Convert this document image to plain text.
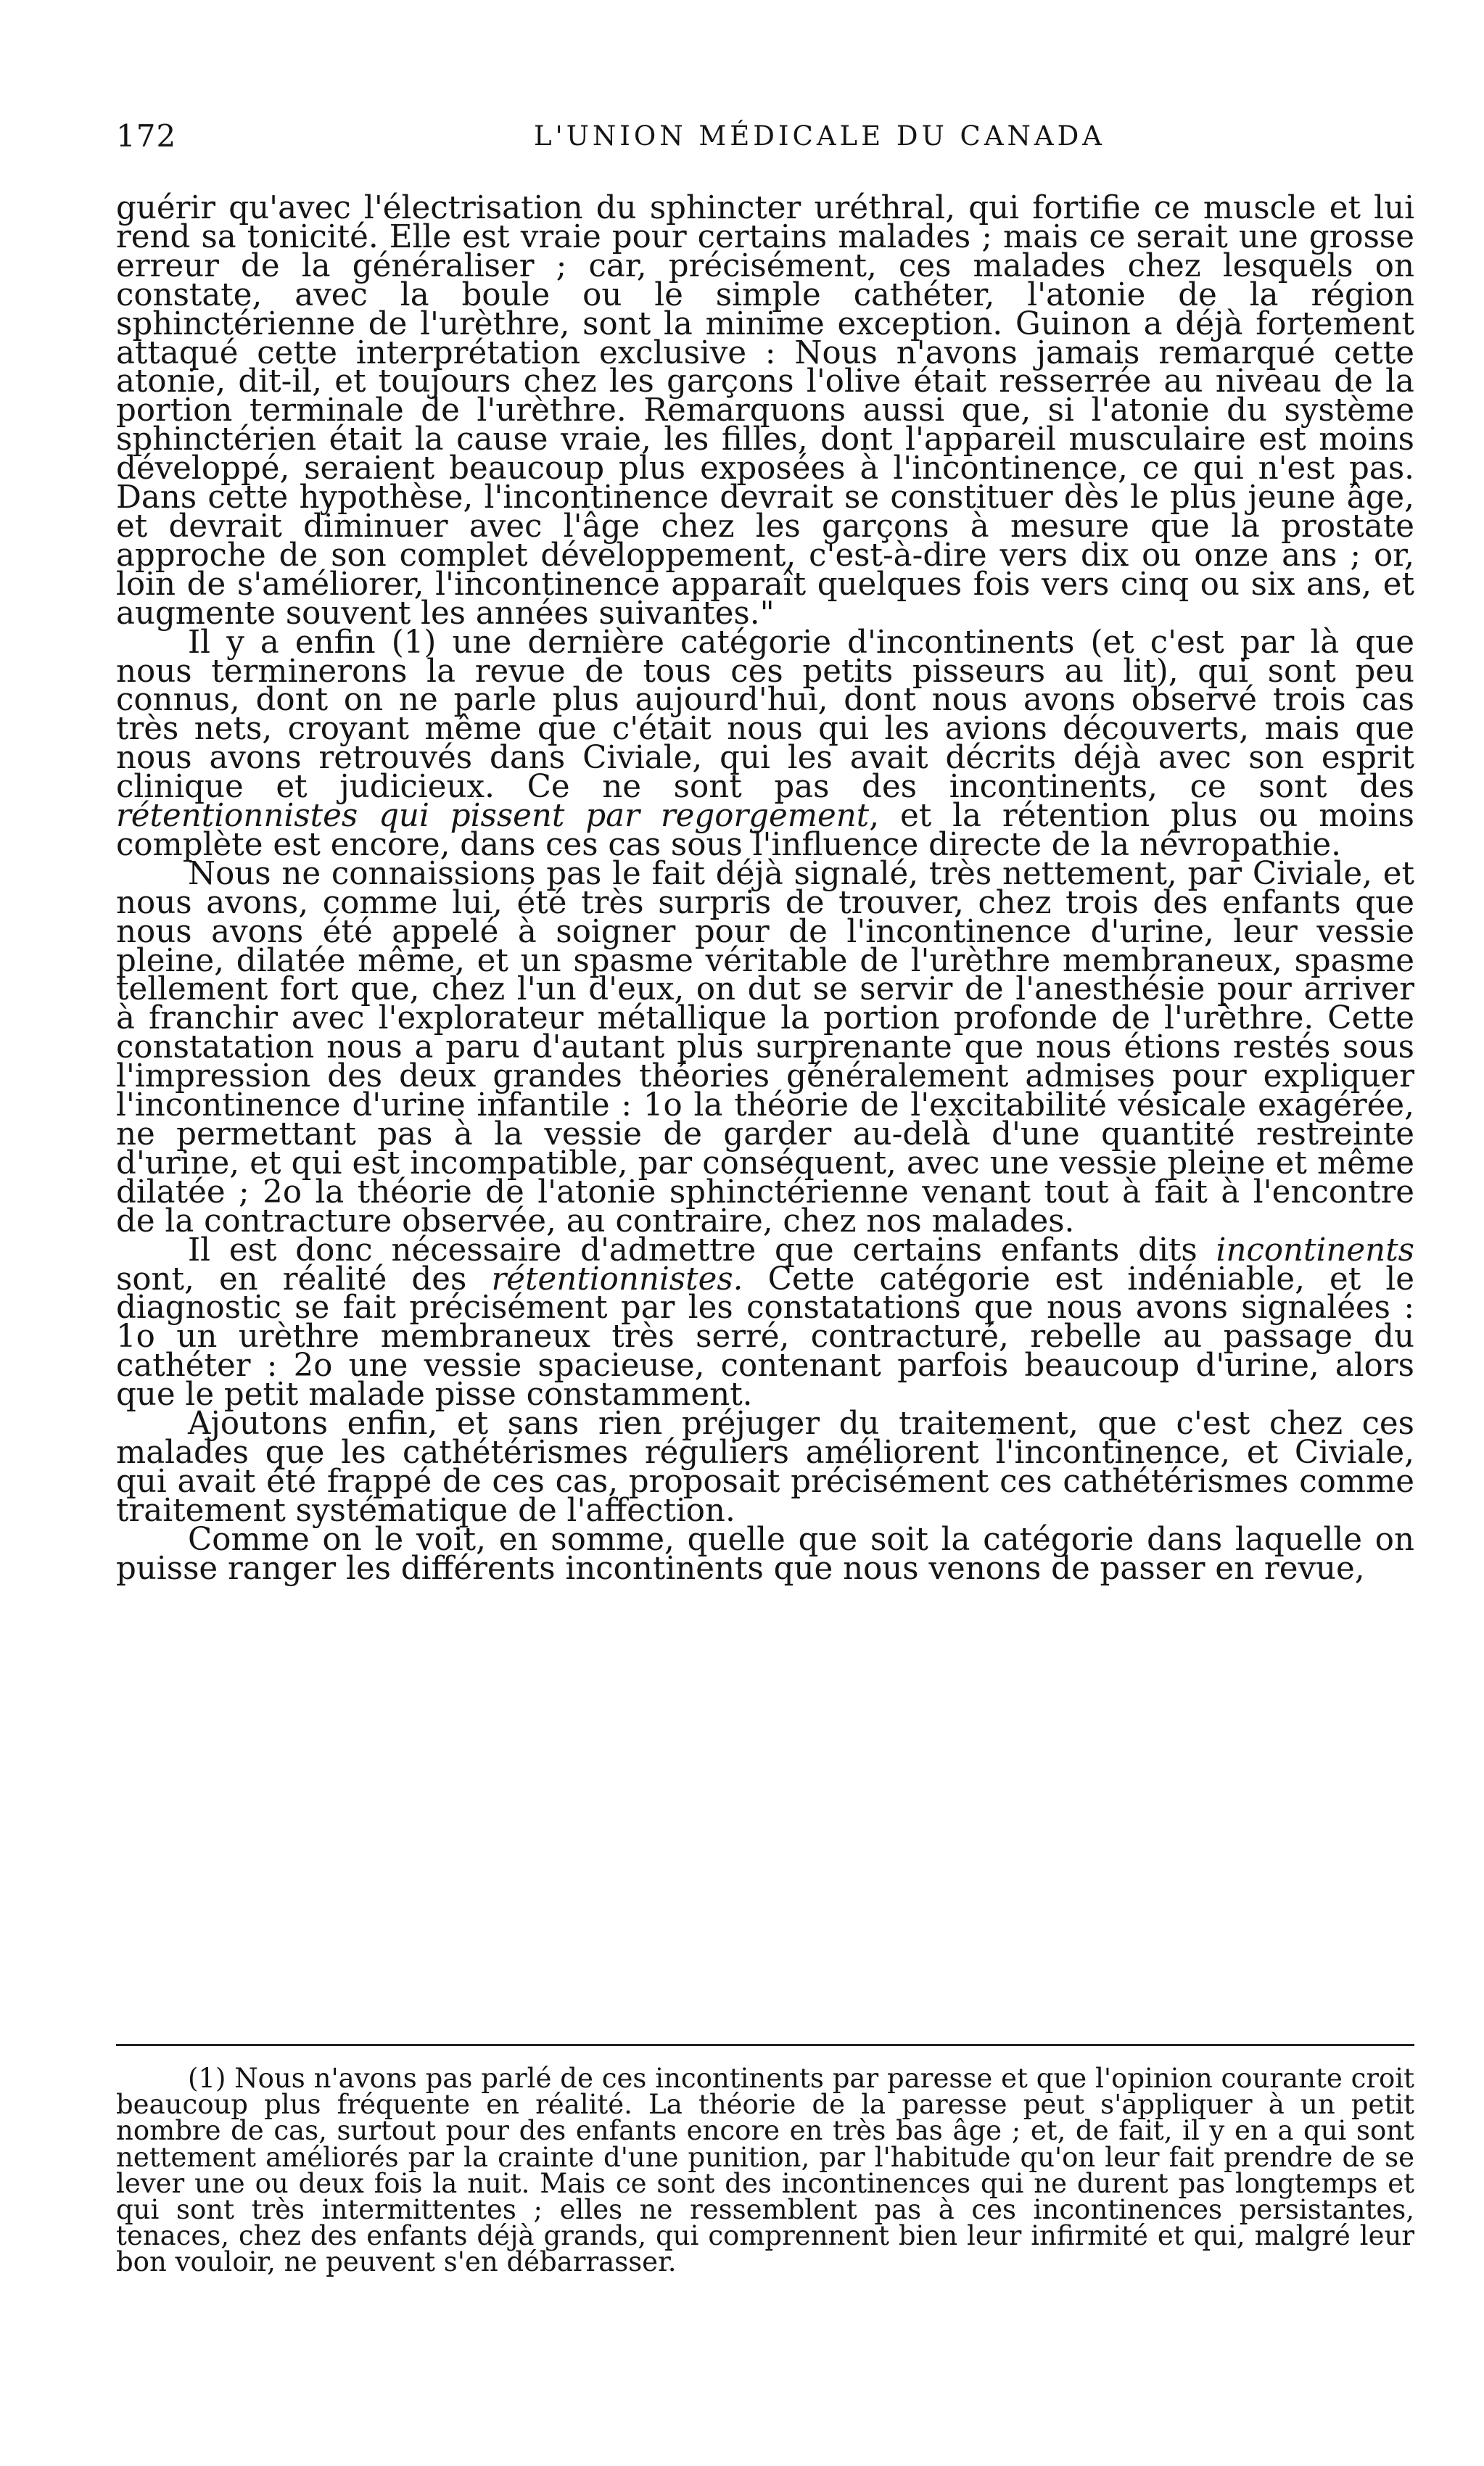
172	L'UNION MÉDICALE DU CANADA

guérir qu'avec l'électrisation du sphincter uréthral, qui fortifie ce muscle et lui rend sa tonicité. Elle est vraie pour certains malades ; mais ce serait une grosse erreur de la généraliser ; car, précisément, ces malades chez lesquels on constate, avec la boule ou le simple cathéter, l'atonie de la région sphinctérienne de l'urèthre, sont la minime exception. Guinon a déjà fortement attaqué cette interprétation exclusive : Nous n'avons jamais remarqué cette atonie, dit-il, et toujours chez les garçons l'olive était resserrée au niveau de la portion terminale de l'urèthre. Remarquons aussi que, si l'atonie du système sphinctérien était la cause vraie, les filles, dont l'appareil musculaire est moins développé, seraient beaucoup plus exposées à l'incontinence, ce qui n'est pas. Dans cette hypothèse, l'incontinence devrait se constituer dès le plus jeune âge, et devrait diminuer avec l'âge chez les garçons à mesure que la prostate approche de son complet développement, c'est-à-dire vers dix ou onze ans ; or, loin de s'améliorer, l'incontinence apparaît quelques fois vers cinq ou six ans, et augmente souvent les années suivantes."

Il y a enfin (1) une dernière catégorie d'incontinents (et c'est par là que nous terminerons la revue de tous ces petits pisseurs au lit), qui sont peu connus, dont on ne parle plus aujourd'hui, dont nous avons observé trois cas très nets, croyant même que c'était nous qui les avions découverts, mais que nous avons retrouvés dans Civiale, qui les avait décrits déjà avec son esprit clinique et judicieux. Ce ne sont pas des incontinents, ce sont des rétentionnistes qui pissent par regorgement, et la rétention plus ou moins complète est encore, dans ces cas sous l'influence directe de la névropathie.

Nous ne connaissions pas le fait déjà signalé, très nettement, par Civiale, et nous avons, comme lui, été très surpris de trouver, chez trois des enfants que nous avons été appelé à soigner pour de l'incontinence d'urine, leur vessie pleine, dilatée même, et un spasme véritable de l'urèthre membraneux, spasme tellement fort que, chez l'un d'eux, on dut se servir de l'anesthésie pour arriver à franchir avec l'explorateur métallique la portion profonde de l'urèthre. Cette constatation nous a paru d'autant plus surprenante que nous étions restés sous l'impression des deux grandes théories généralement admises pour expliquer l'incontinence d'urine infantile : 1o la théorie de l'excitabilité vésicale exagérée, ne permettant pas à la vessie de garder au-delà d'une quantité restreinte d'urine, et qui est incompatible, par conséquent, avec une vessie pleine et même dilatée ; 2o la théorie de l'atonie sphinctérienne venant tout à fait à l'encontre de la contracture observée, au contraire, chez nos malades.

Il est donc nécessaire d'admettre que certains enfants dits incontinents sont, en réalité des rétentionnistes. Cette catégorie est indéniable, et le diagnostic se fait précisément par les constatations que nous avons signalées : 1o un urèthre membraneux très serré, contracturé, rebelle au passage du cathéter : 2o une vessie spacieuse, contenant parfois beaucoup d'urine, alors que le petit malade pisse constamment.

Ajoutons enfin, et sans rien préjuger du traitement, que c'est chez ces malades que les cathétérismes réguliers améliorent l'incontinence, et Civiale, qui avait été frappé de ces cas, proposait précisément ces cathétérismes comme traitement systématique de l'affection.

Comme on le voit, en somme, quelle que soit la catégorie dans laquelle on puisse ranger les différents incontinents que nous venons de passer en revue,

(1) Nous n'avons pas parlé de ces incontinents par paresse et que l'opinion courante croit beaucoup plus fréquente en réalité. La théorie de la paresse peut s'appliquer à un petit nombre de cas, surtout pour des enfants encore en très bas âge ; et, de fait, il y en a qui sont nettement améliorés par la crainte d'une punition, par l'habitude qu'on leur fait prendre de se lever une ou deux fois la nuit. Mais ce sont des incontinences qui ne durent pas longtemps et qui sont très intermittentes ; elles ne ressemblent pas à ces incontinences persistantes, tenaces, chez des enfants déjà grands, qui comprennent bien leur infirmité et qui, malgré leur bon vouloir, ne peuvent s'en débarrasser.
